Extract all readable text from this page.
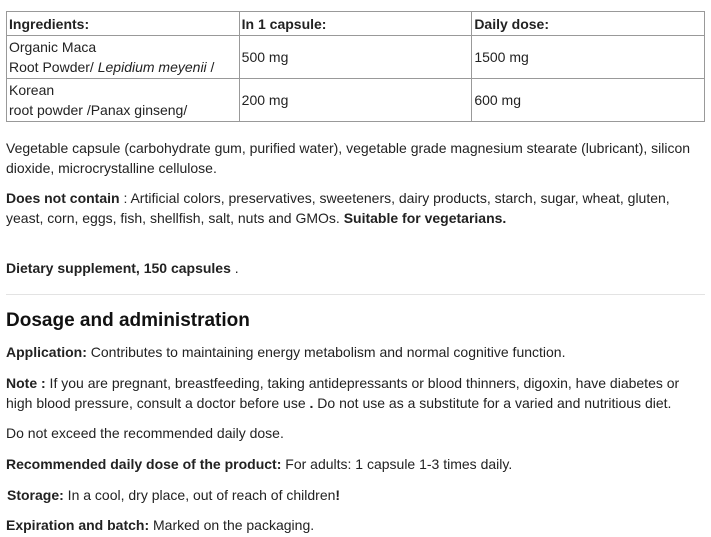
Ingredients:	In 1 capsule:	Daily dose:
Organic Maca
Root Powder/ Lepidium meyenii /	500 mg	1500 mg
Korean
root powder /Panax ginseng/	200 mg	600 mg

Vegetable capsule (carbohydrate gum, purified water), vegetable grade magnesium stearate (lubricant), silicon dioxide, microcrystalline cellulose.

Does not contain : Artificial colors, preservatives, sweeteners, dairy products, starch, sugar, wheat, gluten, yeast, corn, eggs, fish, shellfish, salt, nuts and GMOs. Suitable for vegetarians.

Dietary supplement, 150 capsules .

Dosage and administration

Application: Contributes to maintaining energy metabolism and normal cognitive function.

Note : If you are pregnant, breastfeeding, taking antidepressants or blood thinners, digoxin, have diabetes or high blood pressure, consult a doctor before use . Do not use as a substitute for a varied and nutritious diet.

Do not exceed the recommended daily dose.

Recommended daily dose of the product: For adults: 1 capsule 1-3 times daily.

Storage: In a cool, dry place, out of reach of children!

Expiration and batch: Marked on the packaging.
